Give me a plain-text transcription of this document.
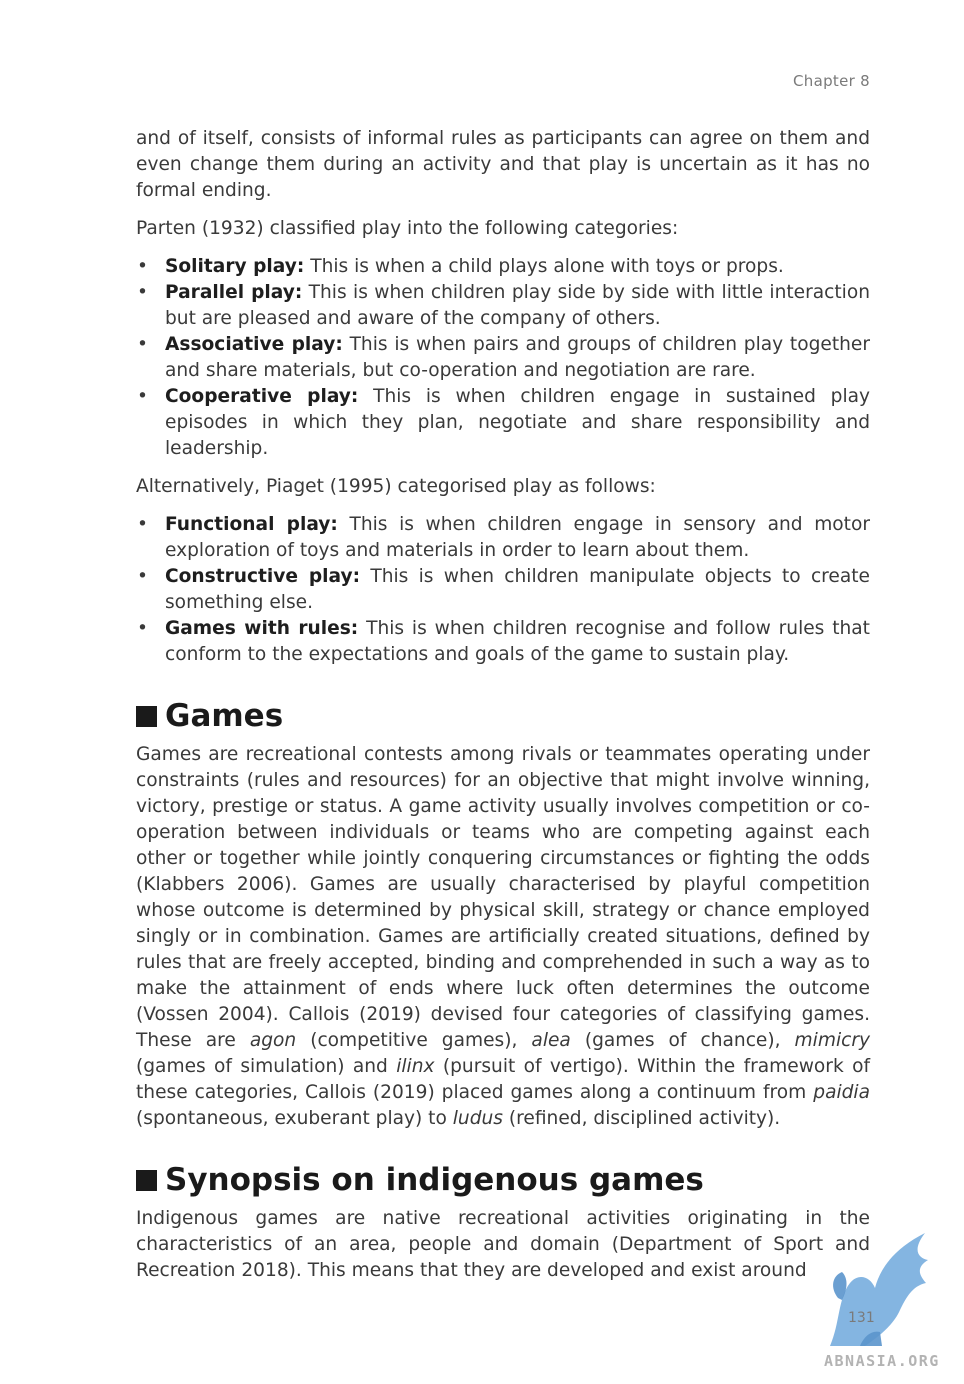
Chapter 8

and of itself, consists of informal rules as participants can agree on them and even change them during an activity and that play is uncertain as it has no formal ending.

Parten (1932) classified play into the following categories:

• Solitary play: This is when a child plays alone with toys or props.
• Parallel play: This is when children play side by side with little interaction but are pleased and aware of the company of others.
• Associative play: This is when pairs and groups of children play together and share materials, but co-operation and negotiation are rare.
• Cooperative play: This is when children engage in sustained play episodes in which they plan, negotiate and share responsibility and leadership.

Alternatively, Piaget (1995) categorised play as follows:

• Functional play: This is when children engage in sensory and motor exploration of toys and materials in order to learn about them.
• Constructive play: This is when children manipulate objects to create something else.
• Games with rules: This is when children recognise and follow rules that conform to the expectations and goals of the game to sustain play.
Games

Games are recreational contests among rivals or teammates operating under constraints (rules and resources) for an objective that might involve winning, victory, prestige or status. A game activity usually involves competition or co-operation between individuals or teams who are competing against each other or together while jointly conquering circumstances or fighting the odds (Klabbers 2006). Games are usually characterised by playful competition whose outcome is determined by physical skill, strategy or chance employed singly or in combination. Games are artificially created situations, defined by rules that are freely accepted, binding and comprehended in such a way as to make the attainment of ends where luck often determines the outcome (Vossen 2004). Callois (2019) devised four categories of classifying games. These are agon (competitive games), alea (games of chance), mimicry (games of simulation) and ilinx (pursuit of vertigo). Within the framework of these categories, Callois (2019) placed games along a continuum from paidia (spontaneous, exuberant play) to ludus (refined, disciplined activity).

Synopsis on indigenous games

Indigenous games are native recreational activities originating in the characteristics of an area, people and domain (Department of Sport and Recreation 2018). This means that they are developed and exist around

131
ABNASIA.ORG
